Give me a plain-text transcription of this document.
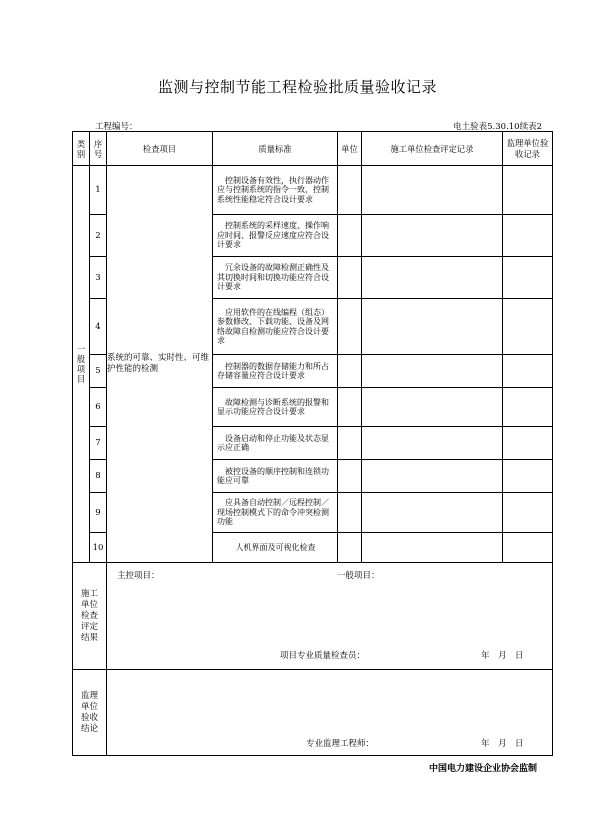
监测与控制节能工程检验批质量验收记录
工程编号：	电土验表5.30.10续表2
类别	序号	检查项目	质量标准	单位	施工单位检查评定记录	监理单位验收记录

一般项目	1	系统的可靠、实时性、可维护性能的检测	　控制设备有效性，执行器动作应与控制系统的指令一致，控制系统性能稳定符合设计要求			
	2		　控制系统的采样速度、操作响应时间、报警反应速度应符合设计要求			
	3		　冗余设备的故障检测正确性及其切换时间和切换功能应符合设计要求			
	4		　应用软件的在线编程（组态）参数修改、下载功能、设备及网络故障自检测功能应符合设计要求			
	5		　控制器的数据存储能力和所占存储容量应符合设计要求			
	6		　故障检测与诊断系统的报警和显示功能应符合设计要求			
	7		　设备启动和停止功能及状态显示应正确			
	8		　被控设备的顺序控制和连锁功能应可靠			
	9		　应具备自动控制／远程控制／现场控制模式下的命令冲突检测功能			
	10		人机界面及可视化检查			
施工单位检查评定结果		主控项目： 一般项目：
项目专业质量检查员： 年　月　日				

监理单位验收结论		专业监理工程师： 年　月　日				
中国电力建设企业协会监制
